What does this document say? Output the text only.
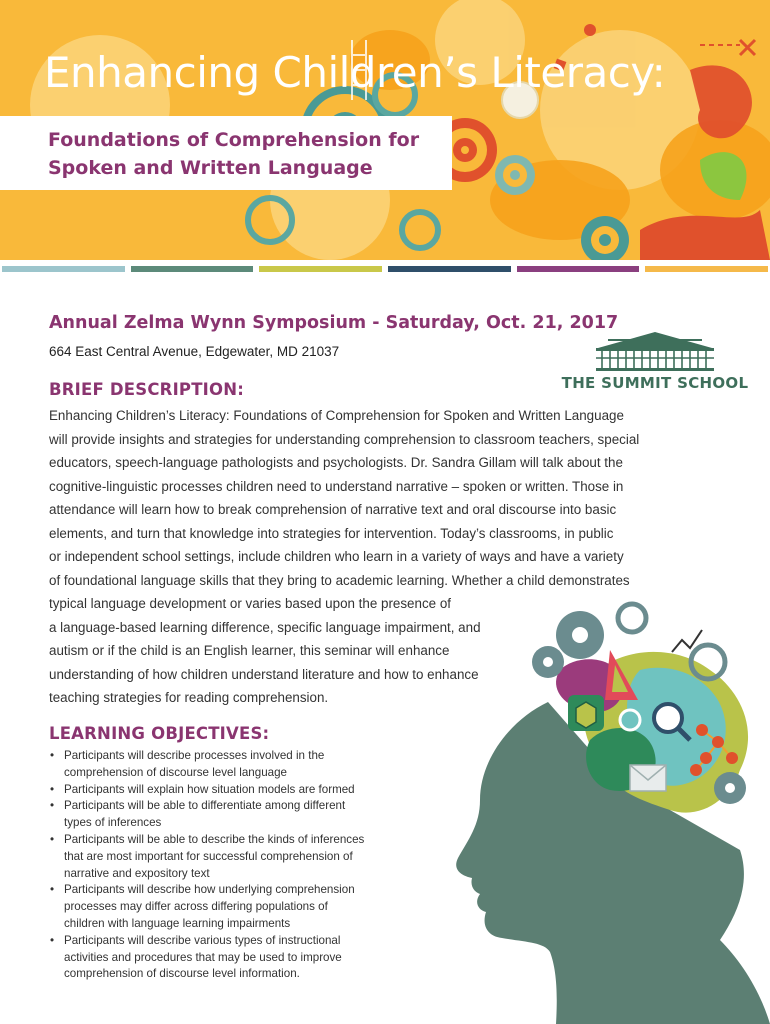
Enhancing Children’s Literacy:
Foundations of Comprehension for
Spoken and Written Language
Annual Zelma Wynn Symposium - Saturday, Oct. 21, 2017
664 East Central Avenue, Edgewater, MD 21037
THE SUMMIT SCHOOL
BRIEF DESCRIPTION:
Enhancing Children’s Literacy: Foundations of Comprehension for Spoken and Written Language
will provide insights and strategies for understanding comprehension to classroom teachers, special
educators, speech-language pathologists and psychologists. Dr. Sandra Gillam will talk about the
cognitive-linguistic processes children need to understand narrative – spoken or written. Those in
attendance will learn how to break comprehension of narrative text and oral discourse into basic
elements, and turn that knowledge into strategies for intervention. Today’s classrooms, in public
or independent school settings, include children who learn in a variety of ways and have a variety
of foundational language skills that they bring to academic learning. Whether a child demonstrates
typical language development or varies based upon the presence of
a language-based learning difference, specific language impairment, and
autism or if the child is an English learner, this seminar will enhance
understanding of how children understand literature and how to enhance
teaching strategies for reading comprehension.
LEARNING OBJECTIVES:
• Participants will describe processes involved in the
comprehension of discourse level language
• Participants will explain how situation models are formed
• Participants will be able to differentiate among different
types of inferences
• Participants will be able to describe the kinds of inferences
that are most important for successful comprehension of
narrative and expository text
• Participants will describe how underlying comprehension
processes may differ across differing populations of
children with language learning impairments
• Participants will describe various types of instructional
activities and procedures that may be used to improve
comprehension of discourse level information.
